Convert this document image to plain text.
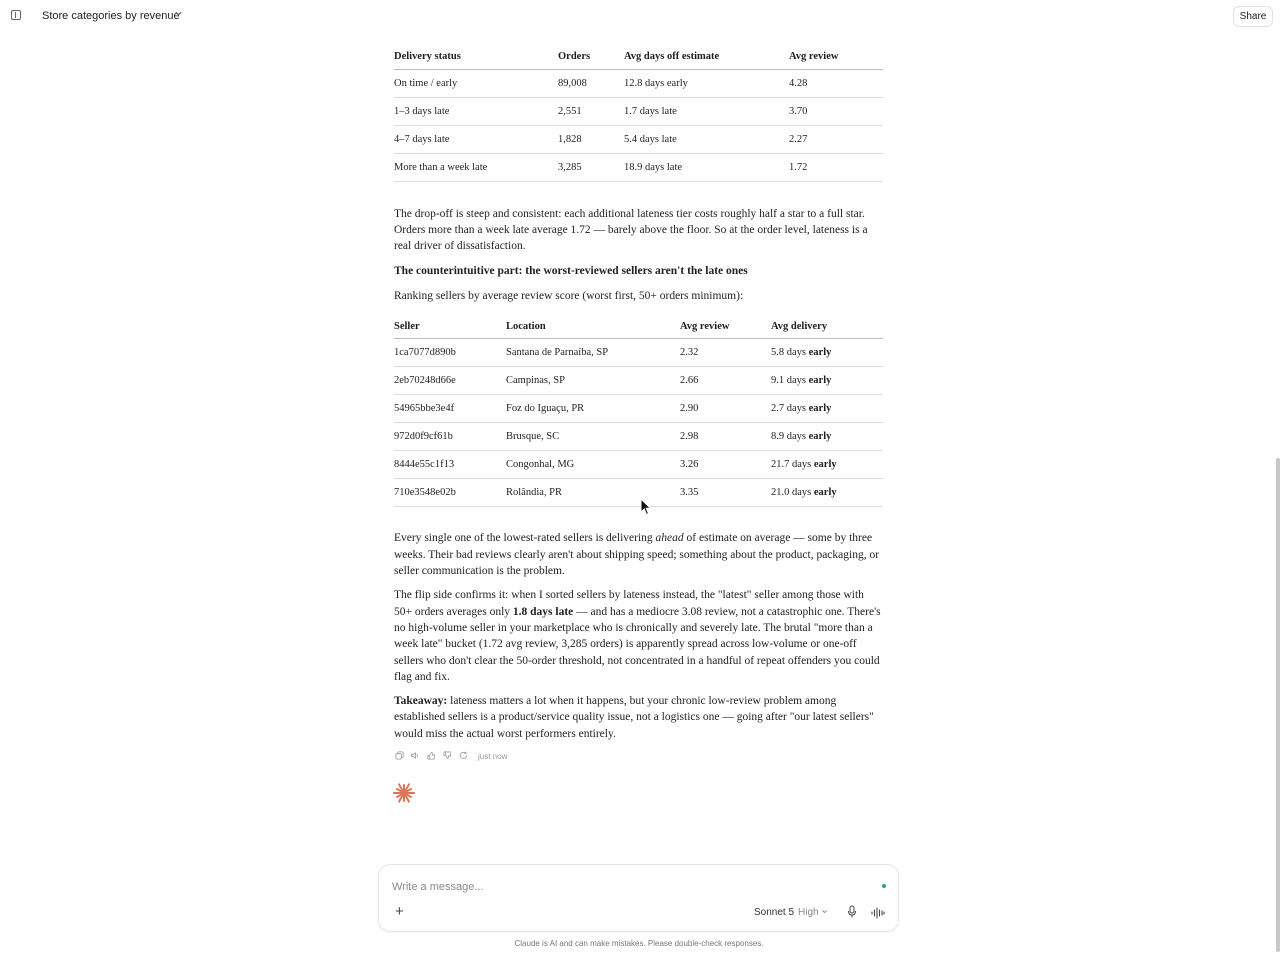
Store categories by revenue	Share
Delivery status	Orders	Avg days off estimate	Avg review
On time / early	89,008	12.8 days early	4.28
1–3 days late	2,551	1.7 days late	3.70
4–7 days late	1,828	5.4 days late	2.27
More than a week late	3,285	18.9 days late	1.72

The drop-off is steep and consistent: each additional lateness tier costs roughly half a star to a full star. Orders more than a week late average 1.72 — barely above the floor. So at the order level, lateness is a real driver of dissatisfaction.

The counterintuitive part: the worst-reviewed sellers aren't the late ones

Ranking sellers by average review score (worst first, 50+ orders minimum):

Seller	Location	Avg review	Avg delivery
1ca7077d890b	Santana de Parnaíba, SP	2.32	5.8 days early
2eb70248d66e	Campinas, SP	2.66	9.1 days early
54965bbe3e4f	Foz do Iguaçu, PR	2.90	2.7 days early
972d0f9cf61b	Brusque, SC	2.98	8.9 days early
8444e55c1f13	Congonhal, MG	3.26	21.7 days early
710e3548e02b	Rolândia, PR	3.35	21.0 days early

Every single one of the lowest-rated sellers is delivering ahead of estimate on average — some by three weeks. Their bad reviews clearly aren't about shipping speed; something about the product, packaging, or seller communication is the problem.

The flip side confirms it: when I sorted sellers by lateness instead, the "latest" seller among those with 50+ orders averages only 1.8 days late — and has a mediocre 3.08 review, not a catastrophic one. There's no high-volume seller in your marketplace who is chronically and severely late. The brutal "more than a week late" bucket (1.72 avg review, 3,285 orders) is apparently spread across low-volume or one-off sellers who don't clear the 50-order threshold, not concentrated in a handful of repeat offenders you could flag and fix.

Takeaway: lateness matters a lot when it happens, but your chronic low-review problem among established sellers is a product/service quality issue, not a logistics one — going after "our latest sellers" would miss the actual worst performers entirely.

just now
Write a message...
+	Sonnet 5 High
Claude is AI and can make mistakes. Please double-check responses.
